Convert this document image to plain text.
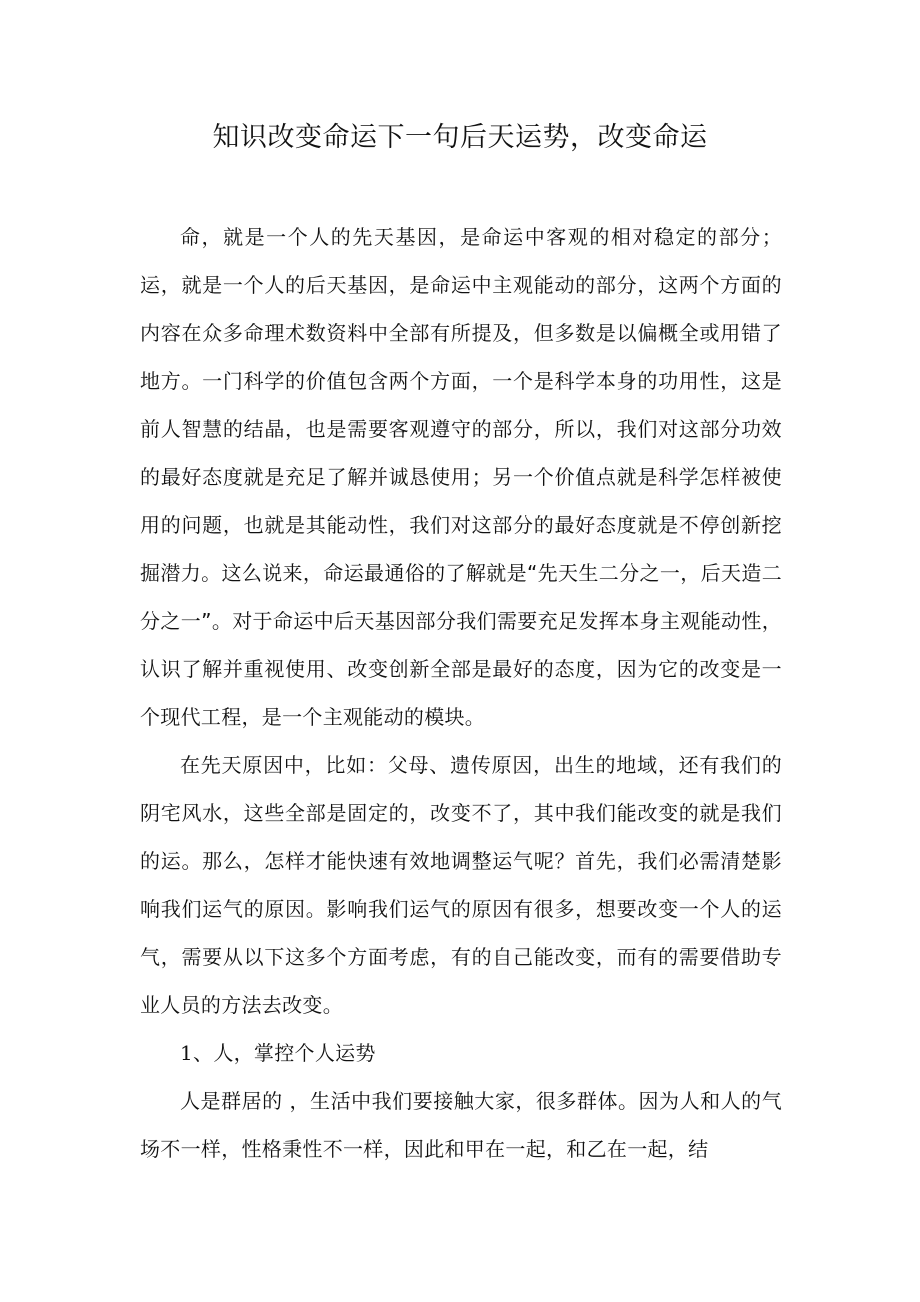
知识改变命运下一句后天运势，改变命运

命，就是一个人的先天基因，是命运中客观的相对稳定的部分；运，就是一个人的后天基因，是命运中主观能动的部分，这两个方面的内容在众多命理术数资料中全部有所提及，但多数是以偏概全或用错了地方。一门科学的价值包含两个方面，一个是科学本身的功用性，这是前人智慧的结晶，也是需要客观遵守的部分，所以，我们对这部分功效的最好态度就是充足了解并诚恳使用；另一个价值点就是科学怎样被使用的问题，也就是其能动性，我们对这部分的最好态度就是不停创新挖掘潜力。这么说来，命运最通俗的了解就是“先天生二分之一，后天造二分之一”。对于命运中后天基因部分我们需要充足发挥本身主观能动性，认识了解并重视使用、改变创新全部是最好的态度，因为它的改变是一个现代工程，是一个主观能动的模块。

在先天原因中，比如：父母、遗传原因，出生的地域，还有我们的阴宅风水，这些全部是固定的，改变不了，其中我们能改变的就是我们的运。那么，怎样才能快速有效地调整运气呢？首先，我们必需清楚影响我们运气的原因。影响我们运气的原因有很多，想要改变一个人的运气，需要从以下这多个方面考虑，有的自己能改变，而有的需要借助专业人员的方法去改变。

1、人，掌控个人运势

人是群居的 ，生活中我们要接触大家，很多群体。因为人和人的气场不一样，性格秉性不一样，因此和甲在一起，和乙在一起，结
